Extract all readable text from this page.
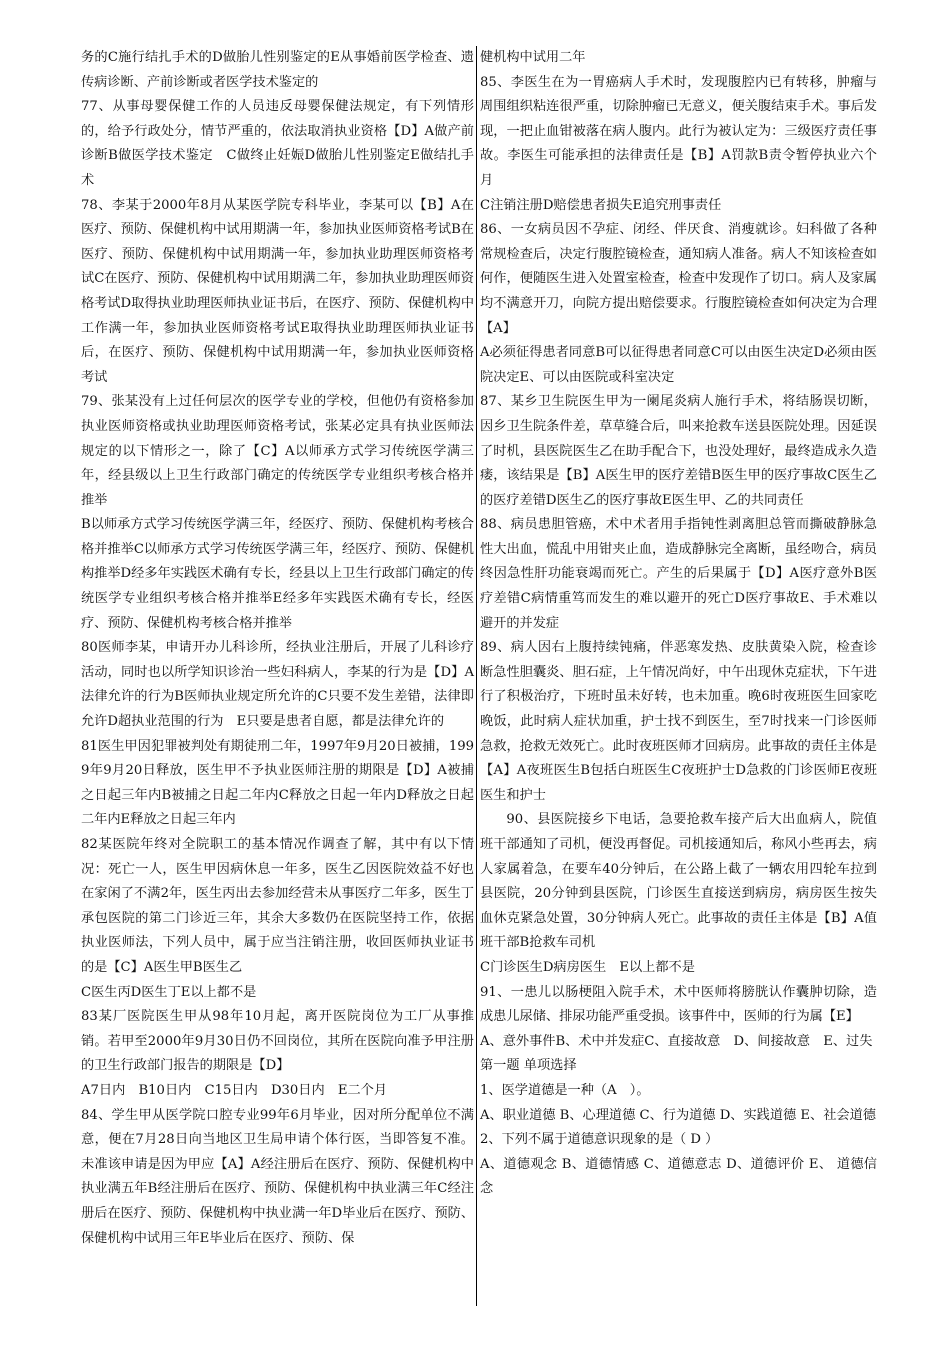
务的C施行结扎手术的D做胎儿性别鉴定的E从事婚前医学检查、遗传病诊断、产前诊断或者医学技术鉴定的

77、从事母婴保健工作的人员违反母婴保健法规定，有下列情形的，给予行政处分，情节严重的，依法取消执业资格【D】A做产前诊断B做医学技术鉴定　C做终止妊娠D做胎儿性别鉴定E做结扎手术

78、李某于2000年8月从某医学院专科毕业，李某可以【B】A在医疗、预防、保健机构中试用期满一年，参加执业医师资格考试B在医疗、预防、保健机构中试用期满一年，参加执业助理医师资格考试C在医疗、预防、保健机构中试用期满二年，参加执业助理医师资格考试D取得执业助理医师执业证书后，在医疗、预防、保健机构中工作满一年，参加执业医师资格考试E取得执业助理医师执业证书后，在医疗、预防、保健机构中试用期满一年，参加执业医师资格考试

79、张某没有上过任何层次的医学专业的学校，但他仍有资格参加执业医师资格或执业助理医师资格考试，张某必定具有执业医师法规定的以下情形之一，除了【C】A以师承方式学习传统医学满三年，经县级以上卫生行政部门确定的传统医学专业组织考核合格并推举

B以师承方式学习传统医学满三年，经医疗、预防、保健机构考核合格并推举C以师承方式学习传统医学满三年，经医疗、预防、保健机构推举D经多年实践医术确有专长，经县以上卫生行政部门确定的传统医学专业组织考核合格并推举E经多年实践医术确有专长，经医疗、预防、保健机构考核合格并推举

80医师李某，申请开办儿科诊所，经执业注册后，开展了儿科诊疗活动，同时也以所学知识诊治一些妇科病人，李某的行为是【D】A法律允许的行为B医师执业规定所允许的C只要不发生差错，法律即允许D超执业范围的行为　E只要是患者自愿，都是法律允许的

81医生甲因犯罪被判处有期徒刑二年，1997年9月20日被捕，1999年9月20日释放，医生甲不予执业医师注册的期限是【D】A被捕之日起三年内B被捕之日起二年内C释放之日起一年内D释放之日起二年内E释放之日起三年内

82某医院年终对全院职工的基本情况作调查了解，其中有以下情况：死亡一人，医生甲因病休息一年多，医生乙因医院效益不好也在家闲了不满2年，医生丙出去参加经营未从事医疗二年多，医生丁承包医院的第二门诊近三年，其余大多数仍在医院坚持工作，依据执业医师法，下列人员中，属于应当注销注册，收回医师执业证书的是【C】A医生甲B医生乙

C医生丙D医生丁E以上都不是

83某厂医院医生甲从98年10月起，离开医院岗位为工厂从事推销。若甲至2000年9月30日仍不回岗位，其所在医院向准予甲注册的卫生行政部门报告的期限是【D】

A7日内　B10日内　C15日内　D30日内　E二个月

84、学生甲从医学院口腔专业99年6月毕业，因对所分配单位不满意，便在7月28日向当地区卫生局申请个体行医，当即答复不准。未准该申请是因为甲应【A】A经注册后在医疗、预防、保健机构中执业满五年B经注册后在医疗、预防、保健机构中执业满三年C经注册后在医疗、预防、保健机构中执业满一年D毕业后在医疗、预防、保健机构中试用三年E毕业后在医疗、预防、保

健机构中试用二年

85、李医生在为一胃癌病人手术时，发现腹腔内已有转移，肿瘤与周围组织粘连很严重，切除肿瘤已无意义，便关腹结束手术。事后发现，一把止血钳被落在病人腹内。此行为被认定为：三级医疗责任事故。李医生可能承担的法律责任是【B】A罚款B责令暂停执业六个月

C注销注册D赔偿患者损失E追究刑事责任

86、一女病员因不孕症、闭经、伴厌食、消瘦就诊。妇科做了各种常规检查后，决定行腹腔镜检查，通知病人准备。病人不知该检查如何作，便随医生进入处置室检查，检查中发现作了切口。病人及家属均不满意开刀，向院方提出赔偿要求。行腹腔镜检查如何决定为合理【A】

A必须征得患者同意B可以征得患者同意C可以由医生决定D必须由医院决定E、可以由医院或科室决定

87、某乡卫生院医生甲为一阑尾炎病人施行手术，将结肠误切断，因乡卫生院条件差，草草缝合后，叫来抢救车送县医院处理。因延误了时机，县医院医生乙在助手配合下，也没处理好，最终造成永久造瘘，该结果是【B】A医生甲的医疗差错B医生甲的医疗事故C医生乙的医疗差错D医生乙的医疗事故E医生甲、乙的共同责任

88、病员患胆管癌，术中术者用手指钝性剥离胆总管而撕破静脉急性大出血，慌乱中用钳夹止血，造成静脉完全离断，虽经吻合，病员终因急性肝功能衰竭而死亡。产生的后果属于【D】A医疗意外B医疗差错C病情重笃而发生的难以避开的死亡D医疗事故E、手术难以避开的并发症

89、病人因右上腹持续钝痛，伴恶寒发热、皮肤黄染入院，检查诊断急性胆囊炎、胆石症，上午情况尚好，中午出现休克症状，下午进行了积极治疗，下班时虽未好转，也未加重。晚6时夜班医生回家吃晚饭，此时病人症状加重，护士找不到医生，至7时找来一门诊医师急救，抢救无效死亡。此时夜班医师才回病房。此事故的责任主体是【A】A夜班医生B包括白班医生C夜班护士D急救的门诊医师E夜班医生和护士

90、县医院接乡下电话，急要抢救车接产后大出血病人，院值班干部通知了司机，便没再督促。司机接通知后，称风小些再去，病人家属着急，在要车40分钟后，在公路上截了一辆农用四轮车拉到县医院，20分钟到县医院，门诊医生直接送到病房，病房医生按失血休克紧急处置，30分钟病人死亡。此事故的责任主体是【B】A值班干部B抢救车司机

C门诊医生D病房医生　E以上都不是

91、一患儿以肠梗阻入院手术，术中医师将膀胱认作囊肿切除，造成患儿尿储、排尿功能严重受损。该事件中，医师的行为属【E】

A、意外事件B、术中并发症C、直接故意　D、间接故意　E、过失

第一题 单项选择

1、医学道德是一种（A　）。

A、职业道德 B、心理道德 C、行为道德 D、实践道德 E、社会道德

2、下列不属于道德意识现象的是（ D ）

A、道德观念 B、道德情感 C、道德意志 D、道德评价 E、 道德信念
